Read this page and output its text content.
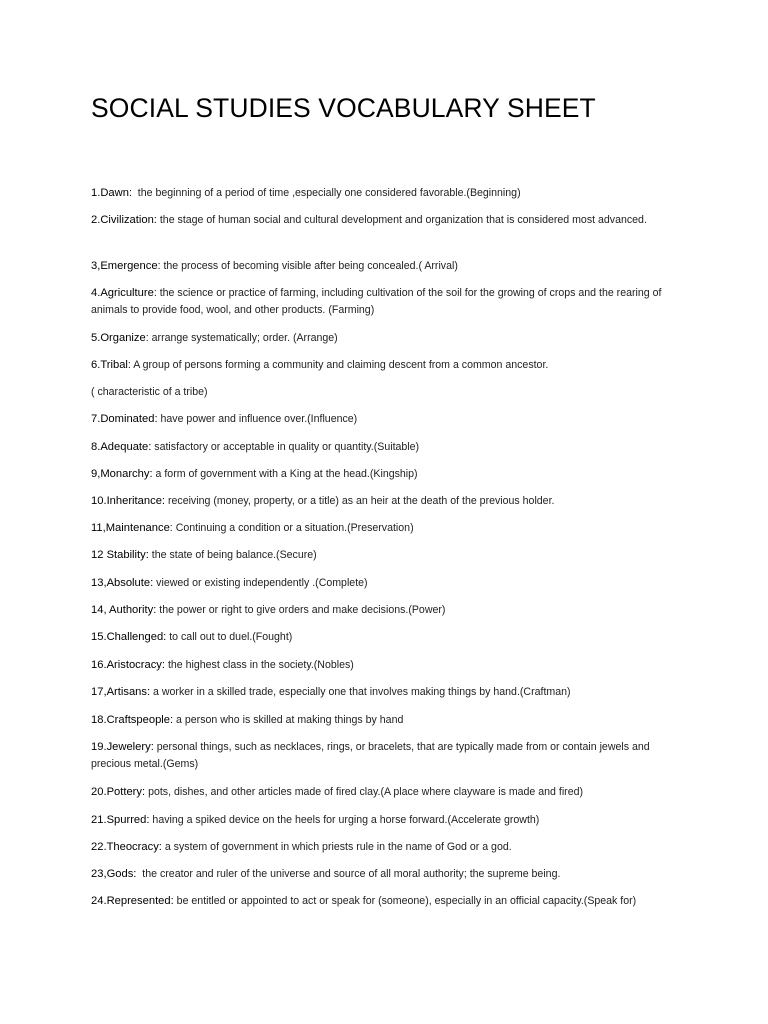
SOCIAL STUDIES VOCABULARY SHEET
1.Dawn:  the beginning of a period of time ,especially one considered favorable.(Beginning)
2.Civilization: the stage of human social and cultural development and organization that is considered most advanced.
3,Emergence: the process of becoming visible after being concealed.( Arrival)
4.Agriculture: the science or practice of farming, including cultivation of the soil for the growing of crops and the rearing of animals to provide food, wool, and other products. (Farming)
5.Organize: arrange systematically; order. (Arrange)
6.Tribal: A group of persons forming a community and claiming descent from a common ancestor.
( characteristic of a tribe)
7.Dominated: have power and influence over.(Influence)
8.Adequate: satisfactory or acceptable in quality or quantity.(Suitable)
9,Monarchy: a form of government with a King at the head.(Kingship)
10.Inheritance: receiving (money, property, or a title) as an heir at the death of the previous holder.
11,Maintenance: Continuing a condition or a situation.(Preservation)
12 Stability: the state of being balance.(Secure)
13,Absolute: viewed or existing independently .(Complete)
14, Authority: the power or right to give orders and make decisions.(Power)
15.Challenged: to call out to duel.(Fought)
16.Aristocracy: the highest class in the society.(Nobles)
17,Artisans: a worker in a skilled trade, especially one that involves making things by hand.(Craftman)
18.Craftspeople: a person who is skilled at making things by hand
19.Jewelery: personal things, such as necklaces, rings, or bracelets, that are typically made from or contain jewels and precious metal.(Gems)
20.Pottery: pots, dishes, and other articles made of fired clay.(A place where clayware is made and fired)
21.Spurred: having a spiked device on the heels for urging a horse forward.(Accelerate growth)
22.Theocracy: a system of government in which priests rule in the name of God or a god.
23,Gods:  the creator and ruler of the universe and source of all moral authority; the supreme being.
24.Represented: be entitled or appointed to act or speak for (someone), especially in an official capacity.(Speak for)
